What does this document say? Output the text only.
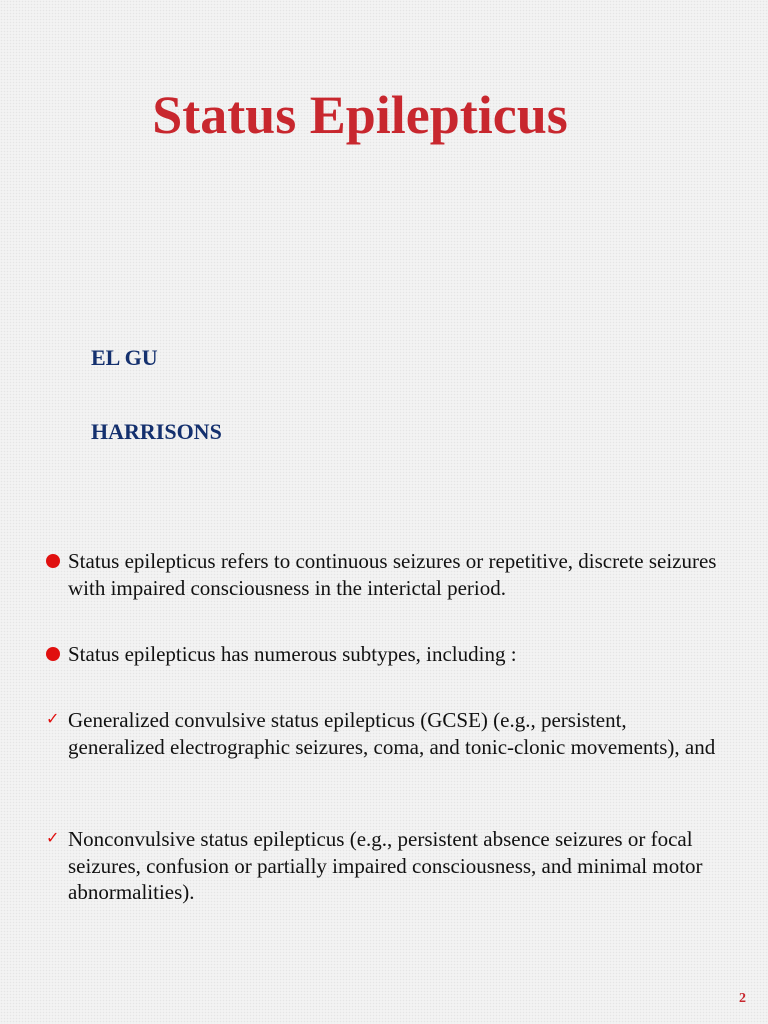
Status Epilepticus

EL GU

HARRISONS

Status epilepticus refers to continuous seizures or repetitive, discrete seizures with impaired consciousness in the interictal period.
Status epilepticus has numerous subtypes, including :
✓ Generalized convulsive status epilepticus (GCSE) (e.g., persistent, generalized electrographic seizures, coma, and tonic-clonic movements), and
✓ Nonconvulsive status epilepticus (e.g., persistent absence seizures or focal seizures, confusion or partially impaired consciousness, and minimal motor abnormalities).
2
